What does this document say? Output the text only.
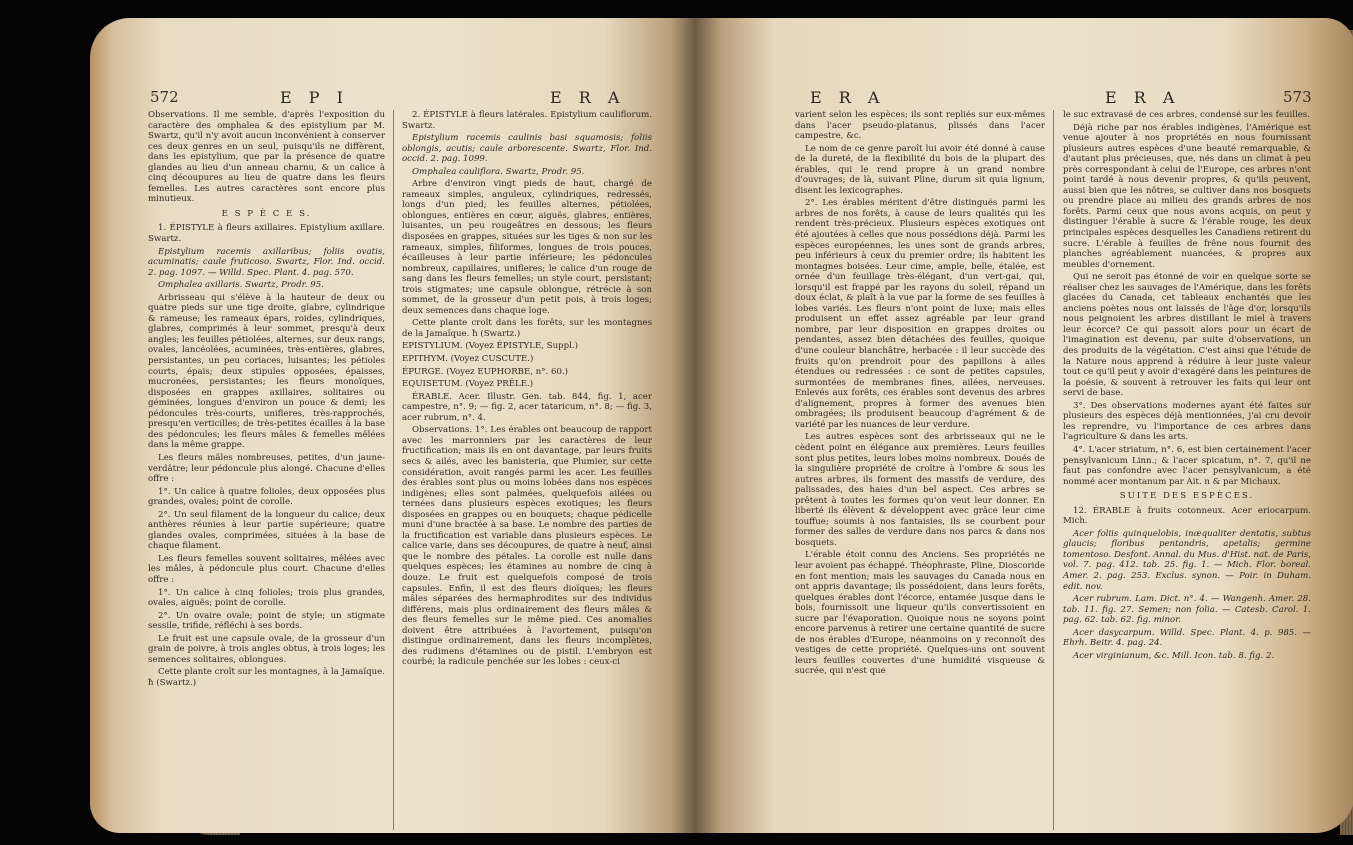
572	E P I	E R A

Observations. Il me semble, d'après l'exposition du caractère des omphalea & des epistylium par M. Swartz, qu'il n'y avoit aucun inconvénient à conserver ces deux genres en un seul, puisqu'ils ne diffèrent, dans les epistylium, que par la présence de quatre glandes au lieu d'un anneau charnu, & un calice à cinq découpures au lieu de quatre dans les fleurs femelles. Les autres caractères sont encore plus minutieux.

E S P È C E S.

1. ÉPISTYLE à fleurs axillaires. Epistylium axillare. Swartz.

Epistylium racemis axillaribus; foliis ovatis, acuminatis; caule fruticoso. Swartz, Flor. Ind. occid. 2. pag. 1097. — Willd. Spec. Plant. 4. pag. 570.

Omphalea axillaris. Swartz, Prodr. 95.

Arbrisseau qui s'élève à la hauteur de deux ou quatre pieds sur une tige droite, glabre, cylindrique & rameuse; les rameaux épars, roides, cylindriques, glabres, comprimés à leur sommet, presqu'à deux angles; les feuilles pétiolées, alternes, sur deux rangs, ovales, lancéolées, acuminées, très-entières, glabres, persistantes, un peu coriaces, luisantes; les pétioles courts, épais; deux stipules opposées, épaisses, mucronées, persistantes; les fleurs monoïques, disposées en grappes axillaires, solitaires ou géminées, longues d'environ un pouce & demi; les pédoncules très-courts, unifleres, très-rapprochés, presqu'en verticilles; de très-petites écailles à la base des pédoncules; les fleurs mâles & femelles mêlées dans la même grappe.

Les fleurs mâles nombreuses, petites, d'un jaune-verdâtre; leur pédoncule plus alongé. Chacune d'elles offre :

1°. Un calice à quatre folioles, deux opposées plus grandes, ovales; point de corolle.

2°. Un seul filament de la longueur du calice; deux anthères réunies à leur partie supérieure; quatre glandes ovales, comprimées, situées à la base de chaque filament.

Les fleurs femelles souvent solitaires, mêlées avec les mâles, à pédoncule plus court. Chacune d'elles offre :

1°. Un calice à cinq folioles; trois plus grandes, ovales, aiguës; point de corolle.

2°. Un ovaire ovale; point de style; un stigmate sessile, trifide, réfléchi à ses bords.

Le fruit est une capsule ovale, de la grosseur d'un grain de poivre, à trois angles obtus, à trois loges; les semences solitaires, oblongues.

Cette plante croît sur les montagnes, à la Jamaïque. ħ (Swartz.)

2. ÉPISTYLE à fleurs latérales. Epistylium cauliflorum. Swartz.

Epistylium racemis caulinis basi squamosis; foliis oblongis, acutis; caule arborescente. Swartz, Flor. Ind. occid. 2. pag. 1099.

Omphalea cauliflora. Swartz, Prodr. 95.

Arbre d'environ vingt pieds de haut, chargé de rameaux simples, anguleux, cylindriques, redressés, longs d'un pied; les feuilles alternes, pétiolées, oblongues, entières en cœur, aiguës, glabres, entières, luisantes, un peu rougeâtres en dessous; les fleurs disposées en grappes, situées sur les tiges & non sur les rameaux, simples, filiformes, longues de trois pouces, écailleuses à leur partie inférieure; les pédoncules nombreux, capillaires, unifleres; le calice d'un rouge de sang dans les fleurs femelles; un style court, persistant; trois stigmates; une capsule oblongue, rétrécie à son sommet, de la grosseur d'un petit pois, à trois loges; deux semences dans chaque loge.

Cette plante croît dans les forêts, sur les montagnes de la Jamaïque. ħ (Swartz.)

EPISTYLIUM. (Voyez ÉPISTYLE, Suppl.)

EPITHYM. (Voyez CUSCUTE.)

ÉPURGE. (Voyez EUPHORBE, n°. 60.)

EQUISETUM. (Voyez PRÊLE.)

ÉRABLE. Acer. Illustr. Gen. tab. 844, fig. 1, acer campestre, n°. 9; — fig. 2, acer tataricum, n°. 8; — fig. 3, acer rubrum, n°. 4.

Observations. 1°. Les érables ont beaucoup de rapport avec les marronniers par les caractères de leur fructification; mais ils en ont davantage, par leurs fruits secs & ailés, avec les banisteria, que Plumier, sur cette considération, avoit rangés parmi les acer. Les feuilles des érables sont plus ou moins lobées dans nos espèces indigènes; elles sont palmées, quelquefois ailées ou ternées dans plusieurs espèces exotiques; les fleurs disposées en grappes ou en bouquets; chaque pédicelle muni d'une bractée à sa base. Le nombre des parties de la fructification est variable dans plusieurs espèces. Le calice varie, dans ses découpures, de quatre à neuf, ainsi que le nombre des pétales. La corolle est nulle dans quelques espèces; les étamines au nombre de cinq à douze. Le fruit est quelquefois composé de trois capsules. Enfin, il est des fleurs dioïques; les fleurs mâles séparées des hermaphrodites sur des individus différens, mais plus ordinairement des fleurs mâles & des fleurs femelles sur le même pied. Ces anomalies doivent être attribuées à l'avortement, puisqu'on distingue ordinairement, dans les fleurs incomplètes, des rudimens d'étamines ou de pistil. L'embryon est courbé; la radicule penchée sur les lobes : ceux-ci

E R A	E R A	573

varient selon les espèces; ils sont repliés sur eux-mêmes dans l'acer pseudo-platanus, plissés dans l'acer campestre, &c.

Le nom de ce genre paroît lui avoir été donné à cause de la dureté, de la flexibilité du bois de la plupart des érables, qui le rend propre à un grand nombre d'ouvrages; de là, suivant Pline, durum sit quia lignum, disent les lexicographes.

2°. Les érables méritent d'être distingués parmi les arbres de nos forêts, à cause de leurs qualités qui les rendent très-précieux. Plusieurs espèces exotiques ont été ajoutées à celles que nous possédions déjà. Parmi les espèces européennes, les unes sont de grands arbres, peu inférieurs à ceux du premier ordre; ils habitent les montagnes boisées. Leur cime, ample, belle, étalée, est ornée d'un feuillage très-élégant, d'un vert-gai, qui, lorsqu'il est frappé par les rayons du soleil, répand un doux éclat, & plaît à la vue par la forme de ses feuilles à lobes variés. Les fleurs n'ont point de luxe; mais elles produisent un effet assez agréable par leur grand nombre, par leur disposition en grappes droites ou pendantes, assez bien détachées des feuilles, quoique d'une couleur blanchâtre, herbacée : il leur succède des fruits qu'on prendroit pour des papillons à ailes étendues ou redressées : ce sont de petites capsules, surmontées de membranes fines, ailées, nerveuses. Enlevés aux forêts, ces érables sont devenus des arbres d'alignement, propres à former des avenues bien ombragées; ils produisent beaucoup d'agrément & de variété par les nuances de leur verdure.

Les autres espèces sont des arbrisseaux qui ne le cèdent point en élégance aux premières. Leurs feuilles sont plus petites, leurs lobes moins nombreux. Doués de la singulière propriété de croître à l'ombre & sous les autres arbres, ils forment des massifs de verdure, des palissades, des haies d'un bel aspect. Ces arbres se prêtent à toutes les formes qu'on veut leur donner. En liberté ils élèvent & développent avec grâce leur cime touffue; soumis à nos fantaisies, ils se courbent pour former des salles de verdure dans nos parcs & dans nos bosquets.

L'érable étoit connu des Anciens. Ses propriétés ne leur avoient pas échappé. Théophraste, Pline, Dioscoride en font mention; mais les sauvages du Canada nous en ont appris davantage; ils possédoient, dans leurs forêts, quelques érables dont l'écorce, entamée jusque dans le bois, fournissoit une liqueur qu'ils convertissoient en sucre par l'évaporation. Quoique nous ne soyons point encore parvenus à retirer une certaine quantité de sucre de nos érables d'Europe, néanmoins on y reconnoît des vestiges de cette propriété. Quelques-uns ont souvent leurs feuilles couvertes d'une humidité visqueuse & sucrée, qui n'est que

le suc extravasé de ces arbres, condensé sur les feuilles.

Déjà riche par nos érables indigènes, l'Amérique est venue ajouter à nos propriétés en nous fournissant plusieurs autres espèces d'une beauté remarquable, & d'autant plus précieuses, que, nés dans un climat à peu près correspondant à celui de l'Europe, ces arbres n'ont point tardé à nous devenir propres, & qu'ils peuvent, aussi bien que les nôtres, se cultiver dans nos bosquets ou prendre place au milieu des grands arbres de nos forêts. Parmi ceux que nous avons acquis, on peut y distinguer l'érable à sucre & l'érable rouge, les deux principales espèces desquelles les Canadiens retirent du sucre. L'érable à feuilles de frêne nous fournit des planches agréablement nuancées, & propres aux meubles d'ornement.

Qui ne seroit pas étonné de voir en quelque sorte se réaliser chez les sauvages de l'Amérique, dans les forêts glacées du Canada, cet tableaux enchantés que les anciens poètes nous ont laissés de l'âge d'or, lorsqu'ils nous peignoient les arbres distillant le miel à travers leur écorce? Ce qui passoit alors pour un écart de l'imagination est devenu, par suite d'observations, un des produits de la végétation. C'est ainsi que l'étude de la Nature nous apprend à réduire à leur juste valeur tout ce qu'il peut y avoir d'exagéré dans les peintures de la poésie, & souvent à retrouver les faits qui leur ont servi de base.

3°. Des observations modernes ayant été faites sur plusieurs des espèces déjà mentionnées, j'ai cru devoir les reprendre, vu l'importance de ces arbres dans l'agriculture & dans les arts.

4°. L'acer striatum, n°. 6, est bien certainement l'acer pensylvanicum Linn.; & l'acer spicatum, n°. 7, qu'il ne faut pas confondre avec l'acer pensylvanicum, a été nommé acer montanum par Ait. n & par Michaux.

SUITE DES ESPÈCES.

12. ÉRABLE à fruits cotonneux. Acer eriocarpum. Mich.

Acer foliis quinquelobis, inæqualiter dentatis, subtus glaucis; floribus pentandris, apetalis; germine tomentoso. Desfont. Annal. du Mus. d'Hist. nat. de Paris, vol. 7. pag. 412. tab. 25. fig. 1. — Mich. Flor. boreal. Amer. 2. pag. 253. Exclus. synon. — Poir. in Duham. edit. nov.

Acer rubrum. Lam. Dict. n°. 4. — Wangenh. Amer. 28. tab. 11. fig. 27. Semen; non folia. — Catesb. Carol. 1. pag. 62. tab. 62. fig. minor.

Acer dasycarpum. Willd. Spec. Plant. 4. p. 985. — Ehrh. Beitr. 4. pag. 24.

Acer virginianum, &c. Mill. Icon. tab. 8. fig. 2.
